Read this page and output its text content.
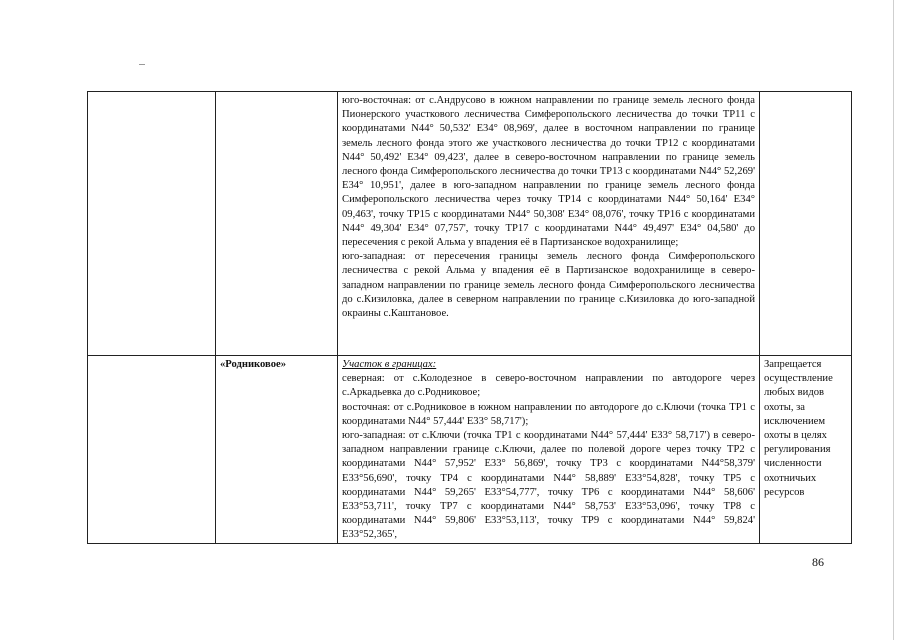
		юго-восточная: от с.Андрусово в южном направлении по границе земель лесного фонда Пионерского участкового лесничества Симферопольского лесничества до точки ТР11 с координатами N44° 50,532' E34° 08,969', далее в восточном направлении по границе земель лесного фонда этого же участкового лесничества до точки ТР12 с координатами N44° 50,492' E34° 09,423', далее в северо-восточном направлении по границе земель лесного фонда Симферопольского лесничества до точки ТР13 с координатами N44° 52,269' E34° 10,951', далее в юго-западном направлении по границе земель лесного фонда Симферопольского лесничества через точку ТР14 с координатами N44° 50,164' E34° 09,463', точку ТР15 с координатами N44° 50,308' E34° 08,076', точку ТР16 с координатами N44° 49,304' E34° 07,757', точку ТР17 с координатами N44° 49,497' E34° 04,580' до пересечения с рекой Альма у впадения её в Партизанское водохранилище;
юго-западная: от пересечения границы земель лесного фонда Симферопольского лесничества с рекой Альма у впадения её в Партизанское водохранилище в северо-западном направлении по границе земель лесного фонда Симферопольского лесничества до с.Кизиловка, далее в северном направлении по границе с.Кизиловка до юго-западной окраины с.Каштановое.	

	«Родниковое»	Участок в границах:
северная: от с.Колодезное в северо-восточном направлении по автодороге через с.Аркадьевка до с.Родниковое;
восточная: от с.Родниковое в южном направлении по автодороге до с.Ключи (точка ТР1 с координатами N44° 57,444' E33° 58,717');
юго-западная: от с.Ключи (точка ТР1 с координатами N44° 57,444' E33° 58,717') в северо-западном направлении границе с.Ключи, далее по полевой дороге через точку ТР2 с координатами N44° 57,952' E33° 56,869', точку ТР3 с координатами N44°58,379' E33°56,690', точку ТР4 с координатами N44° 58,889' E33°54,828', точку ТР5 с координатами N44° 59,265' E33°54,777', точку ТР6 с координатами N44° 58,606' E33°53,711', точку ТР7 с координатами N44° 58,753' E33°53,096', точку ТР8 с координатами N44° 59,806' E33°53,113', точку ТР9 с координатами N44° 59,824' E33°52,365',	Запрещается осуществление любых видов охоты, за исключением охоты в целях регулирования численности охотничьих ресурсов
86
